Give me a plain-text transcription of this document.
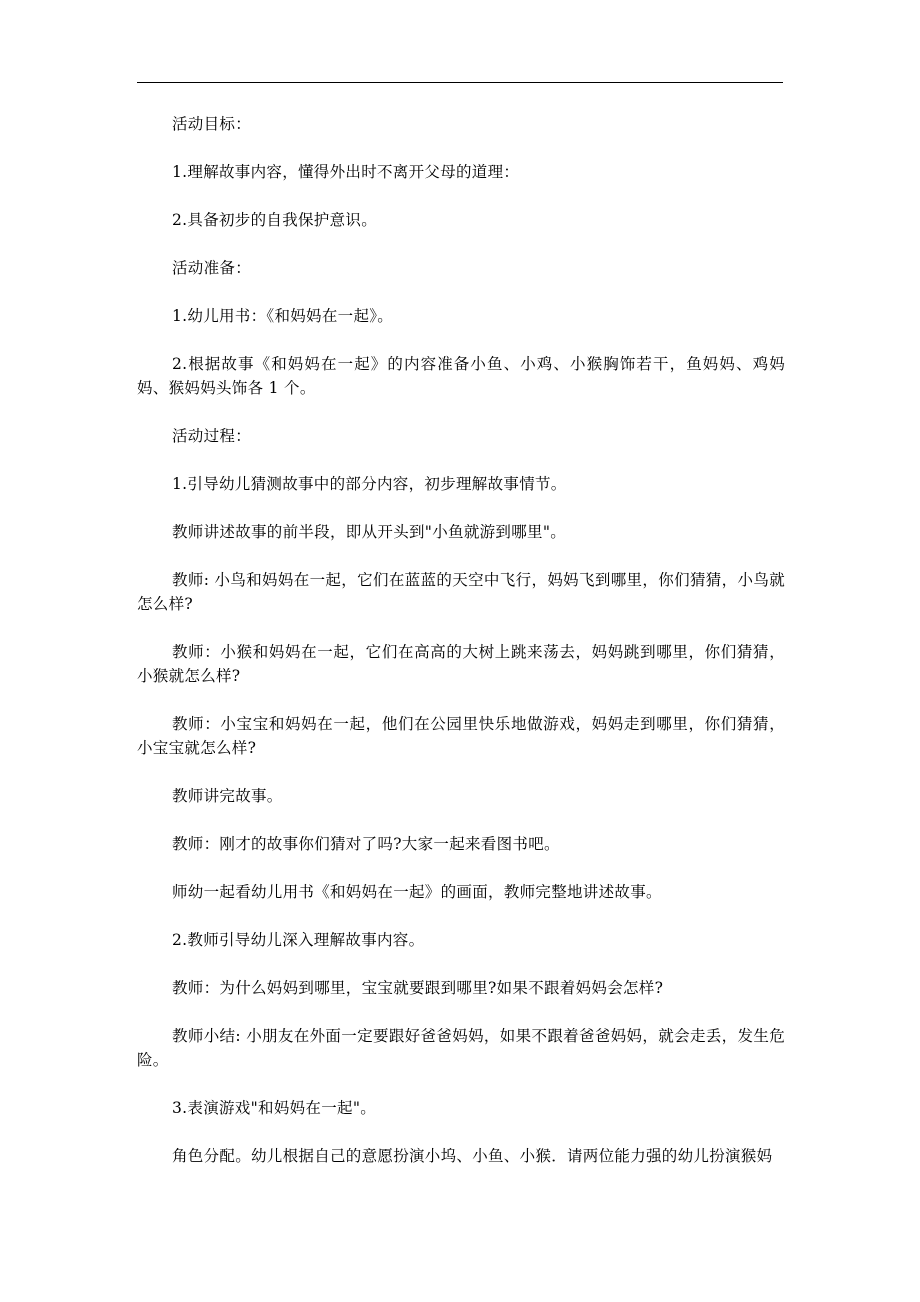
活动目标：

1.理解故事内容，懂得外出时不离开父母的道理：

2.具备初步的自我保护意识。

活动准备：

1.幼儿用书：《和妈妈在一起》。

2.根据故事《和妈妈在一起》的内容准备小鱼、小鸡、小猴胸饰若干，鱼妈妈、鸡妈妈、猴妈妈头饰各 1 个。

活动过程：

1.引导幼儿猜测故事中的部分内容，初步理解故事情节。

教师讲述故事的前半段，即从开头到"小鱼就游到哪里"。

教师: 小鸟和妈妈在一起，它们在蓝蓝的天空中飞行，妈妈飞到哪里，你们猜猜，小鸟就怎么样?

教师：小猴和妈妈在一起，它们在高高的大树上跳来荡去，妈妈跳到哪里，你们猜猜，小猴就怎么样?

教师：小宝宝和妈妈在一起，他们在公园里快乐地做游戏，妈妈走到哪里，你们猜猜，小宝宝就怎么样?

教师讲完故事。

教师：刚才的故事你们猜对了吗?大家一起来看图书吧。

师幼一起看幼儿用书《和妈妈在一起》的画面，教师完整地讲述故事。

2.教师引导幼儿深入理解故事内容。

教师：为什么妈妈到哪里，宝宝就要跟到哪里?如果不跟着妈妈会怎样?

教师小结: 小朋友在外面一定要跟好爸爸妈妈，如果不跟着爸爸妈妈，就会走丢，发生危险。

3.表演游戏"和妈妈在一起"。

角色分配。幼儿根据自己的意愿扮演小坞、小鱼、小猴．请两位能力强的幼儿扮演猴妈
